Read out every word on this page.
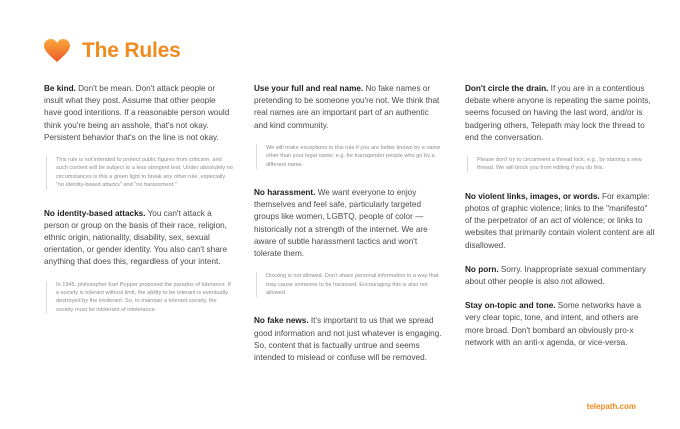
The Rules

Be kind. Don't be mean. Don't attack people or insult what they post. Assume that other people have good intentions. If a reasonable person would think you're being an asshole, that's not okay. Persistent behavior that's on the line is not okay.

This rule is not intended to protect public figures from criticism, and such content will be subject to a less stringent test. Under absolutely no circumstances is this a green light to break any other rule, especially "no identity-based attacks" and "no harassment."

No identity-based attacks. You can't attack a person or group on the basis of their race, religion, ethnic origin, nationality, disability, sex, sexual orientation, or gender identity. You also can't share anything that does this, regardless of your intent.

In 1945, philosopher Karl Popper proposed the paradox of tolerance. If a society is tolerant without limit, the ability to be tolerant is eventually destroyed by the intolerant. So, to maintain a tolerant society, the society must be intolerant of intolerance.

Use your full and real name. No fake names or pretending to be someone you're not. We think that real names are an important part of an authentic and kind community.

We will make exceptions to this rule if you are better known by a name other than your legal name; e.g. for transgender people who go by a different name.

No harassment. We want everyone to enjoy themselves and feel safe, particularly targeted groups like women, LGBTQ, people of color — historically not a strength of the internet. We are aware of subtle harassment tactics and won't tolerate them.

Doxxing is not allowed. Don't share personal information in a way that may cause someone to be harassed. Encouraging this is also not allowed.

No fake news. It's important to us that we spread good information and not just whatever is engaging. So, content that is factually untrue and seems intended to mislead or confuse will be removed.

Don't circle the drain. If you are in a contentious debate where anyone is repeating the same points, seems focused on having the last word, and/or is badgering others, Telepath may lock the thread to end the conversation.

Please don't try to circumvent a thread lock; e.g., by starting a new thread. We will block you from editing if you do this.

No violent links, images, or words. For example: photos of graphic violence; links to the "manifesto" of the perpetrator of an act of violence; or links to websites that primarily contain violent content are all disallowed.

No porn. Sorry. Inappropriate sexual commentary about other people is also not allowed.

Stay on-topic and tone. Some networks have a very clear topic, tone, and intent, and others are more broad. Don't bombard an obviously pro-x network with an anti-x agenda, or vice-versa.

telepath.com
